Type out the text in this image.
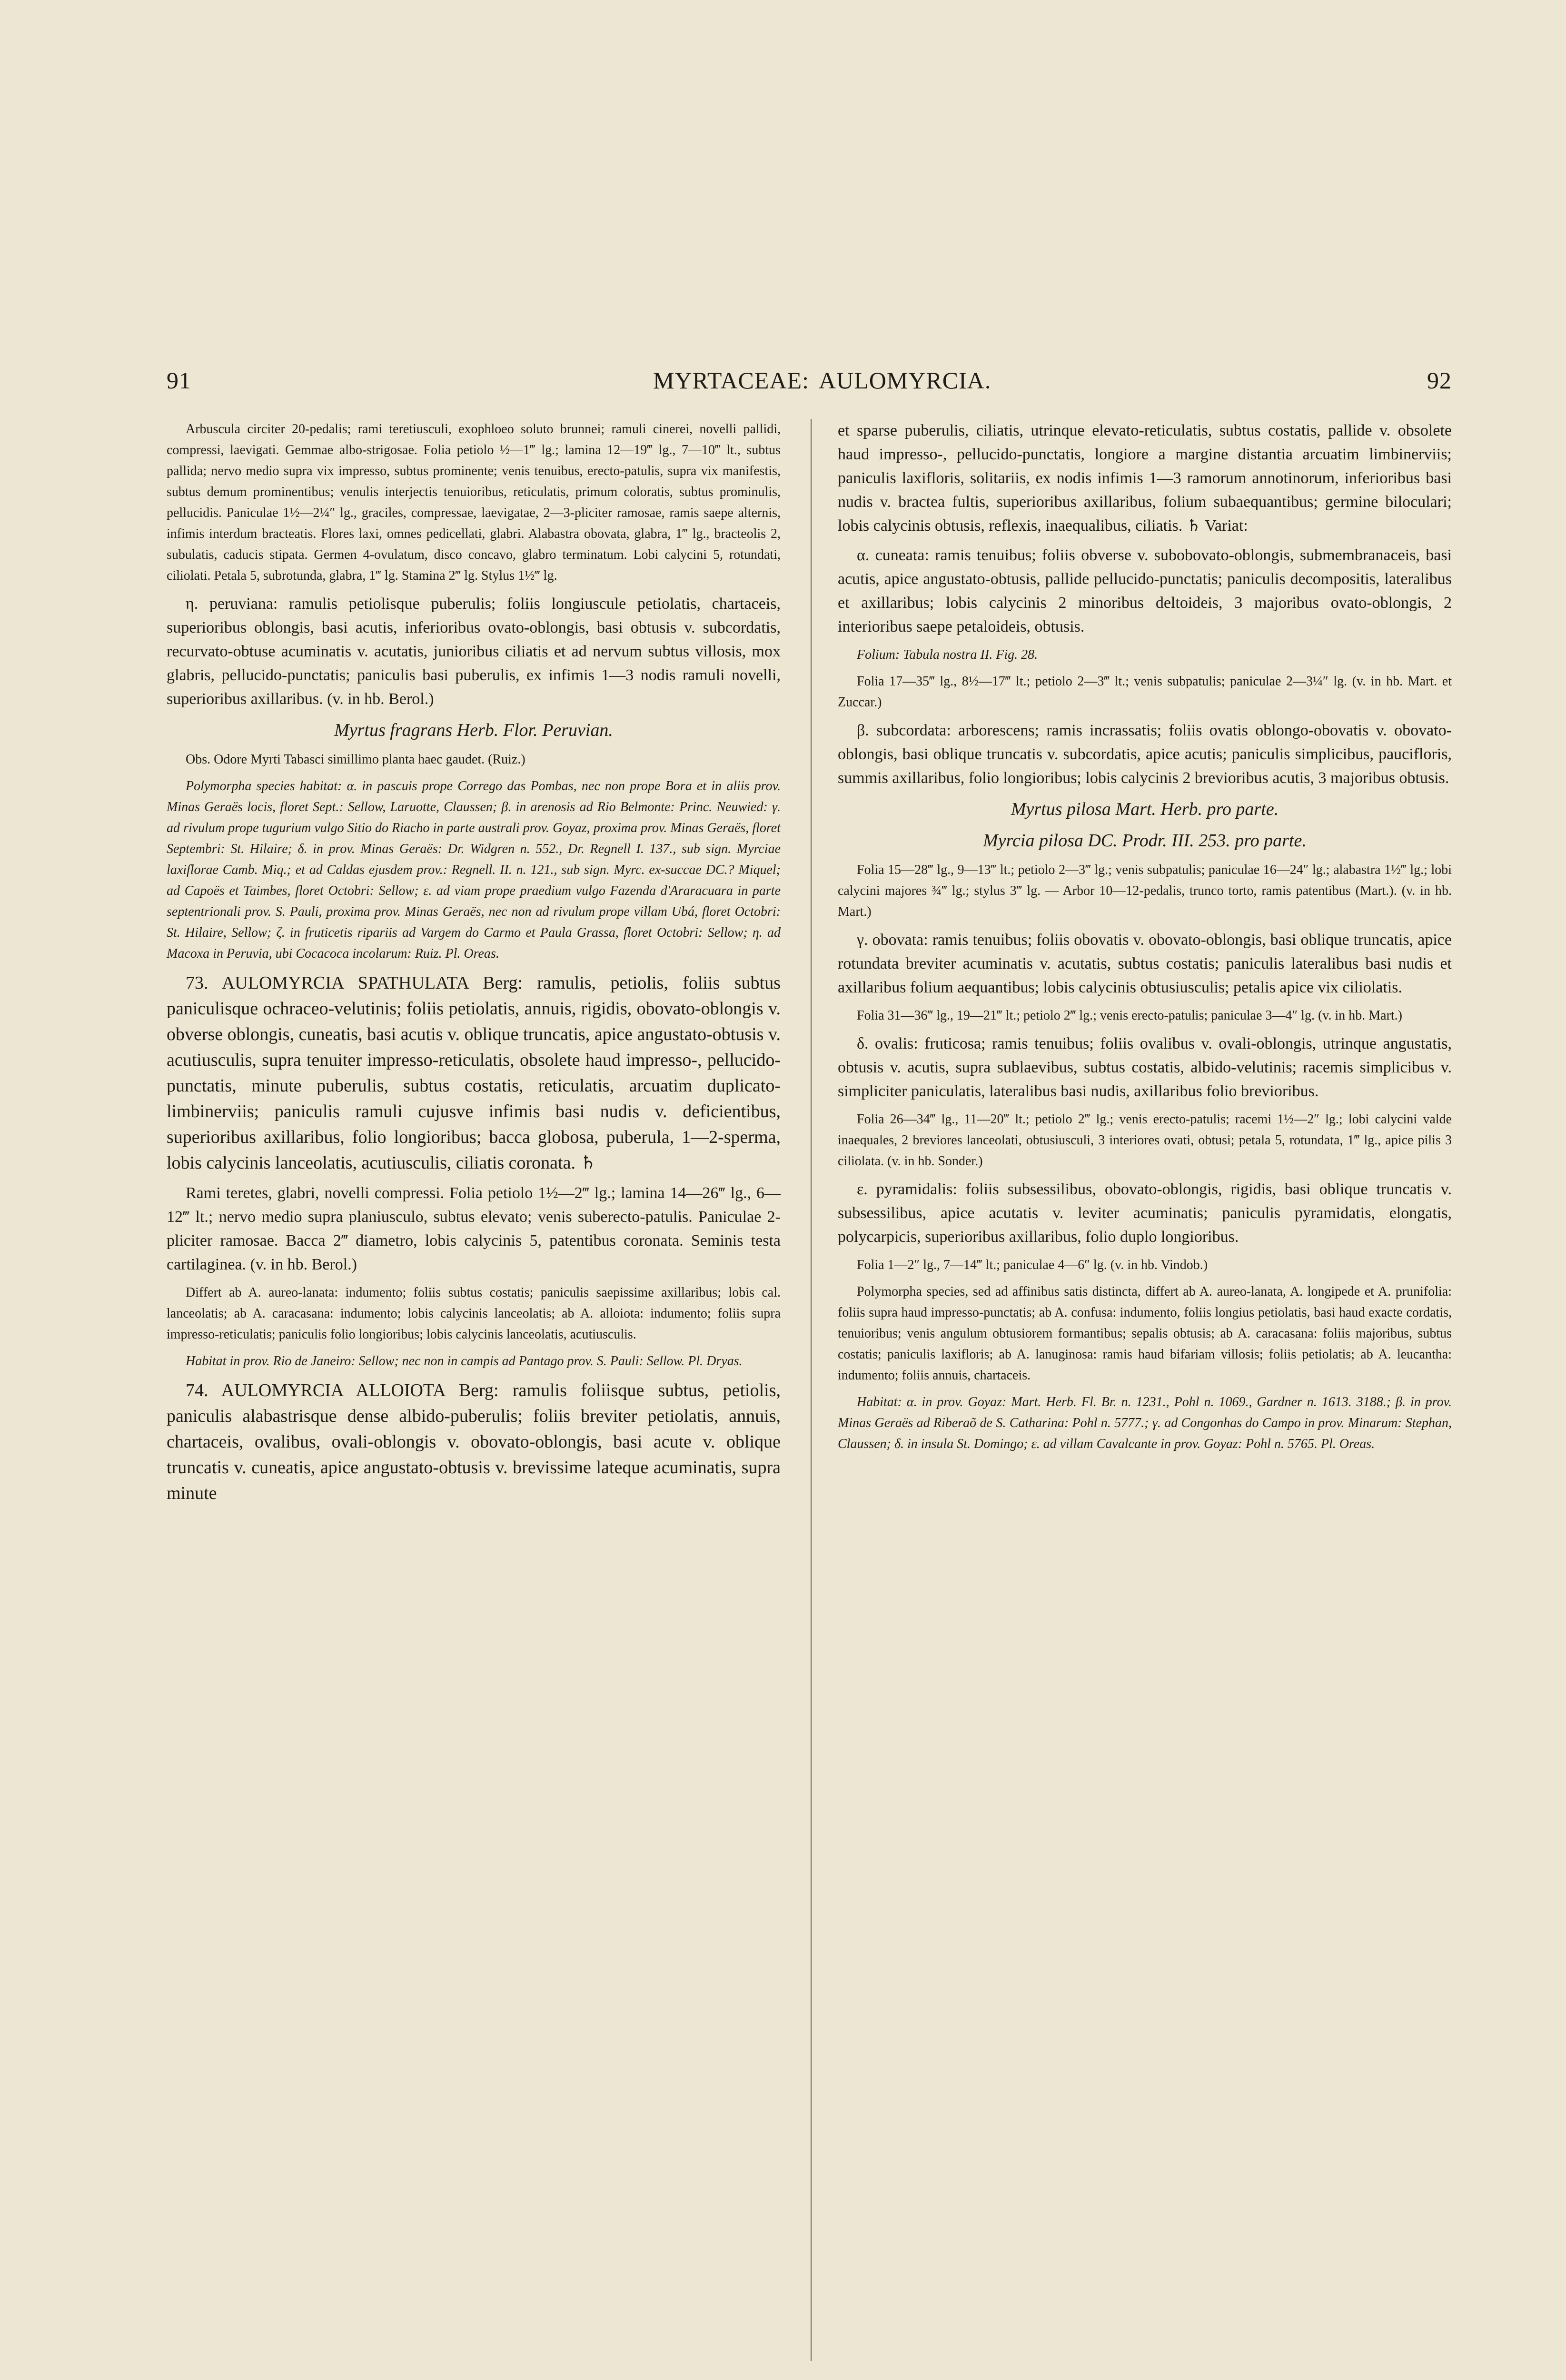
91	MYRTACEAE: AULOMYRCIA.	92

Arbuscula circiter 20-pedalis; rami teretiusculi, exophloeo soluto brunnei; ramuli cinerei, novelli pallidi, compressi, laevigati. Gemmae albo-strigosae. Folia petiolo ½—1‴ lg.; lamina 12—19‴ lg., 7—10‴ lt., subtus pallida; nervo medio supra vix impresso, subtus prominente; venis tenuibus, erecto-patulis, supra vix manifestis, subtus demum prominentibus; venulis interjectis tenuioribus, reticulatis, primum coloratis, subtus prominulis, pellucidis. Paniculae 1½—2¼″ lg., graciles, compressae, laevigatae, 2—3-pliciter ramosae, ramis saepe alternis, infimis interdum bracteatis. Flores laxi, omnes pedicellati, glabri. Alabastra obovata, glabra, 1‴ lg., bracteolis 2, subulatis, caducis stipata. Germen 4-ovulatum, disco concavo, glabro terminatum. Lobi calycini 5, rotundati, ciliolati. Petala 5, subrotunda, glabra, 1‴ lg. Stamina 2‴ lg. Stylus 1½‴ lg.

η. peruviana: ramulis petiolisque puberulis; foliis longiuscule petiolatis, chartaceis, superioribus oblongis, basi acutis, inferioribus ovato-oblongis, basi obtusis v. subcordatis, recurvato-obtuse acuminatis v. acutatis, junioribus ciliatis et ad nervum subtus villosis, mox glabris, pellucido-punctatis; paniculis basi puberulis, ex infimis 1—3 nodis ramuli novelli, superioribus axillaribus. (v. in hb. Berol.)

Myrtus fragrans Herb. Flor. Peruvian.

Obs. Odore Myrti Tabasci simillimo planta haec gaudet. (Ruiz.)

Polymorpha species habitat: α. in pascuis prope Corregо das Pombas, nec non prope Bora et in aliis prov. Minas Geraës locis, floret Sept.: Sellow, Laruotte, Claussen; β. in arenosis ad Rio Belmonte: Princ. Neuwied: γ. ad rivulum prope tugurium vulgo Sitio do Riacho in parte australi prov. Goyaz, proxima prov. Minas Geraës, floret Septembri: St. Hilaire; δ. in prov. Minas Geraës: Dr. Widgren n. 552., Dr. Regnell I. 137., sub sign. Myrciae laxiflorae Camb. Miq.; et ad Caldas ejusdem prov.: Regnell. II. n. 121., sub sign. Myrc. ex-succae DC.? Miquel; ad Capoës et Taimbes, floret Octobri: Sellow; ε. ad viam prope praedium vulgo Fazenda d'Araracuara in parte septentrionali prov. S. Pauli, proxima prov. Minas Geraës, nec non ad rivulum prope villam Ubá, floret Octobri: St. Hilaire, Sellow; ζ. in fruticetis ripariis ad Vargem do Carmo et Paula Grassa, floret Octobri: Sellow; η. ad Macoxa in Peruvia, ubi Cocacoca incolarum: Ruiz. Pl. Oreas.

73. AULOMYRCIA SPATHULATA Berg: ramulis, petiolis, foliis subtus paniculisque ochraceo-velutinis; foliis petiolatis, annuis, rigidis, obovato-oblongis v. obverse oblongis, cuneatis, basi acutis v. oblique truncatis, apice angustato-obtusis v. acutiusculis, supra tenuiter impresso-reticulatis, obsolete haud impresso-, pellucido-punctatis, minute puberulis, subtus costatis, reticulatis, arcuatim duplicato-limbinerviis; paniculis ramuli cujusve infimis basi nudis v. deficientibus, superioribus axillaribus, folio longioribus; bacca globosa, puberula, 1—2-sperma, lobis calycinis lanceolatis, acutiusculis, ciliatis coronata. ♄

Rami teretes, glabri, novelli compressi. Folia petiolo 1½—2‴ lg.; lamina 14—26‴ lg., 6—12‴ lt.; nervo medio supra planiusculo, subtus elevato; venis suberecto-patulis. Paniculae 2-pliciter ramosae. Bacca 2‴ diametro, lobis calycinis 5, patentibus coronata. Seminis testa cartilaginea. (v. in hb. Berol.)

Differt ab A. aureo-lanata: indumento; foliis subtus costatis; paniculis saepissime axillaribus; lobis cal. lanceolatis; ab A. caracasana: indumento; lobis calycinis lanceolatis; ab A. alloiota: indumento; foliis supra impresso-reticulatis; paniculis folio longioribus; lobis calycinis lanceolatis, acutiusculis.

Habitat in prov. Rio de Janeiro: Sellow; nec non in campis ad Pantago prov. S. Pauli: Sellow. Pl. Dryas.

74. AULOMYRCIA ALLOIOTA Berg: ramulis foliisque subtus, petiolis, paniculis alabastrisque dense albido-puberulis; foliis breviter petiolatis, annuis, chartaceis, ovalibus, ovali-oblongis v. obovato-oblongis, basi acute v. oblique truncatis v. cuneatis, apice angustato-obtusis v. brevissime lateque acuminatis, supra minute

et sparse puberulis, ciliatis, utrinque elevato-reticulatis, subtus costatis, pallide v. obsolete haud impresso-, pellucido-punctatis, longiore a margine distantia arcuatim limbinerviis; paniculis laxifloris, solitariis, ex nodis infimis 1—3 ramorum annotinorum, inferioribus basi nudis v. bractea fultis, superioribus axillaribus, folium subaequantibus; germine biloculari; lobis calycinis obtusis, reflexis, inaequalibus, ciliatis. ♄ Variat:

α. cuneata: ramis tenuibus; foliis obverse v. subobovato-oblongis, submembranaceis, basi acutis, apice angustato-obtusis, pallide pellucido-punctatis; paniculis decompositis, lateralibus et axillaribus; lobis calycinis 2 minoribus deltoideis, 3 majoribus ovato-oblongis, 2 interioribus saepe petaloideis, obtusis.

Folium: Tabula nostra II. Fig. 28.

Folia 17—35‴ lg., 8½—17‴ lt.; petiolo 2—3‴ lt.; venis subpatulis; paniculae 2—3¼″ lg. (v. in hb. Mart. et Zuccar.)

β. subcordata: arborescens; ramis incrassatis; foliis ovatis oblongo-obovatis v. obovato-oblongis, basi oblique truncatis v. subcordatis, apice acutis; paniculis simplicibus, paucifloris, summis axillaribus, folio longioribus; lobis calycinis 2 brevioribus acutis, 3 majoribus obtusis.

Myrtus pilosa Mart. Herb. pro parte.

Myrcia pilosa DC. Prodr. III. 253. pro parte.

Folia 15—28‴ lg., 9—13‴ lt.; petiolo 2—3‴ lg.; venis subpatulis; paniculae 16—24″ lg.; alabastra 1½‴ lg.; lobi calycini majores ¾‴ lg.; stylus 3‴ lg. — Arbor 10—12-pedalis, trunco torto, ramis patentibus (Mart.). (v. in hb. Mart.)

γ. obovata: ramis tenuibus; foliis obovatis v. obovato-oblongis, basi oblique truncatis, apice rotundata breviter acuminatis v. acutatis, subtus costatis; paniculis lateralibus basi nudis et axillaribus folium aequantibus; lobis calycinis obtusiusculis; petalis apice vix ciliolatis.

Folia 31—36‴ lg., 19—21‴ lt.; petiolo 2‴ lg.; venis erecto-patulis; paniculae 3—4″ lg. (v. in hb. Mart.)

δ. ovalis: fruticosa; ramis tenuibus; foliis ovalibus v. ovali-oblongis, utrinque angustatis, obtusis v. acutis, supra sublaevibus, subtus costatis, albido-velutinis; racemis simplicibus v. simpliciter paniculatis, lateralibus basi nudis, axillaribus folio brevioribus.

Folia 26—34‴ lg., 11—20‴ lt.; petiolo 2‴ lg.; venis erecto-patulis; racemi 1½—2″ lg.; lobi calycini valde inaequales, 2 breviores lanceolati, obtusiusculi, 3 interiores ovati, obtusi; petala 5, rotundata, 1‴ lg., apice pilis 3 ciliolata. (v. in hb. Sonder.)

ε. pyramidalis: foliis subsessilibus, obovato-oblongis, rigidis, basi oblique truncatis v. subsessilibus, apice acutatis v. leviter acuminatis; paniculis pyramidatis, elongatis, polycarpicis, superioribus axillaribus, folio duplo longioribus.

Folia 1—2″ lg., 7—14‴ lt.; paniculae 4—6″ lg. (v. in hb. Vindob.)

Polymorpha species, sed ad affinibus satis distincta, differt ab A. aureo-lanata, A. longipede et A. prunifolia: foliis supra haud impresso-punctatis; ab A. confusa: indumento, foliis longius petiolatis, basi haud exacte cordatis, tenuioribus; venis angulum obtusiorem formantibus; sepalis obtusis; ab A. caracasana: foliis majoribus, subtus costatis; paniculis laxifloris; ab A. lanuginosa: ramis haud bifariam villosis; foliis petiolatis; ab A. leucantha: indumento; foliis annuis, chartaceis.

Habitat: α. in prov. Goyaz: Mart. Herb. Fl. Br. n. 1231., Pohl n. 1069., Gardner n. 1613. 3188.; β. in prov. Minas Geraës ad Riberaõ de S. Catharina: Pohl n. 5777.; γ. ad Congonhas do Campo in prov. Minarum: Stephan, Claussen; δ. in insula St. Domingo; ε. ad villam Cavalcante in prov. Goyaz: Pohl n. 5765. Pl. Oreas.
